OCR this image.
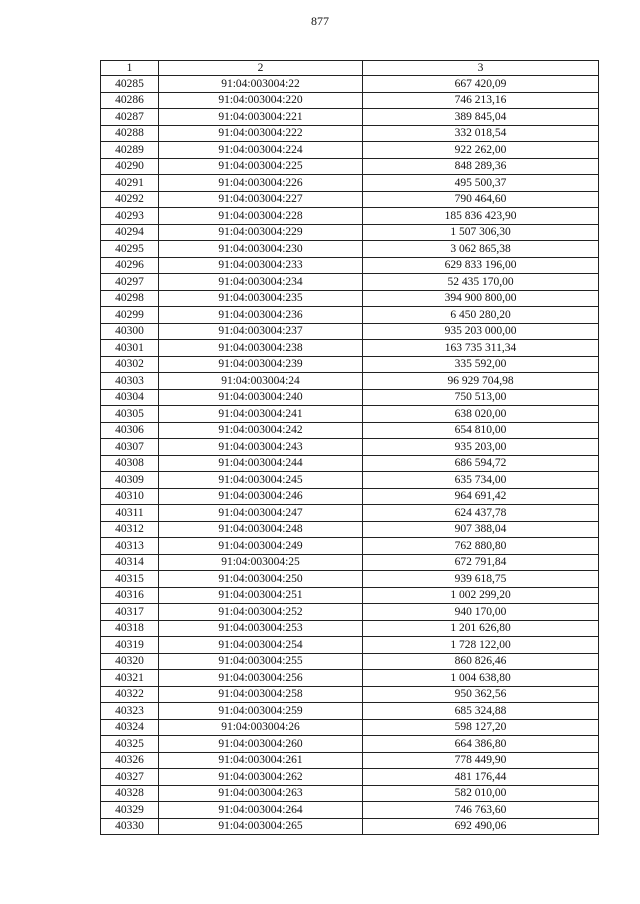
877
1	2	3
40285	91:04:003004:22	667 420,09
40286	91:04:003004:220	746 213,16
40287	91:04:003004:221	389 845,04
40288	91:04:003004:222	332 018,54
40289	91:04:003004:224	922 262,00
40290	91:04:003004:225	848 289,36
40291	91:04:003004:226	495 500,37
40292	91:04:003004:227	790 464,60
40293	91:04:003004:228	185 836 423,90
40294	91:04:003004:229	1 507 306,30
40295	91:04:003004:230	3 062 865,38
40296	91:04:003004:233	629 833 196,00
40297	91:04:003004:234	52 435 170,00
40298	91:04:003004:235	394 900 800,00
40299	91:04:003004:236	6 450 280,20
40300	91:04:003004:237	935 203 000,00
40301	91:04:003004:238	163 735 311,34
40302	91:04:003004:239	335 592,00
40303	91:04:003004:24	96 929 704,98
40304	91:04:003004:240	750 513,00
40305	91:04:003004:241	638 020,00
40306	91:04:003004:242	654 810,00
40307	91:04:003004:243	935 203,00
40308	91:04:003004:244	686 594,72
40309	91:04:003004:245	635 734,00
40310	91:04:003004:246	964 691,42
40311	91:04:003004:247	624 437,78
40312	91:04:003004:248	907 388,04
40313	91:04:003004:249	762 880,80
40314	91:04:003004:25	672 791,84
40315	91:04:003004:250	939 618,75
40316	91:04:003004:251	1 002 299,20
40317	91:04:003004:252	940 170,00
40318	91:04:003004:253	1 201 626,80
40319	91:04:003004:254	1 728 122,00
40320	91:04:003004:255	860 826,46
40321	91:04:003004:256	1 004 638,80
40322	91:04:003004:258	950 362,56
40323	91:04:003004:259	685 324,88
40324	91:04:003004:26	598 127,20
40325	91:04:003004:260	664 386,80
40326	91:04:003004:261	778 449,90
40327	91:04:003004:262	481 176,44
40328	91:04:003004:263	582 010,00
40329	91:04:003004:264	746 763,60
40330	91:04:003004:265	692 490,06
